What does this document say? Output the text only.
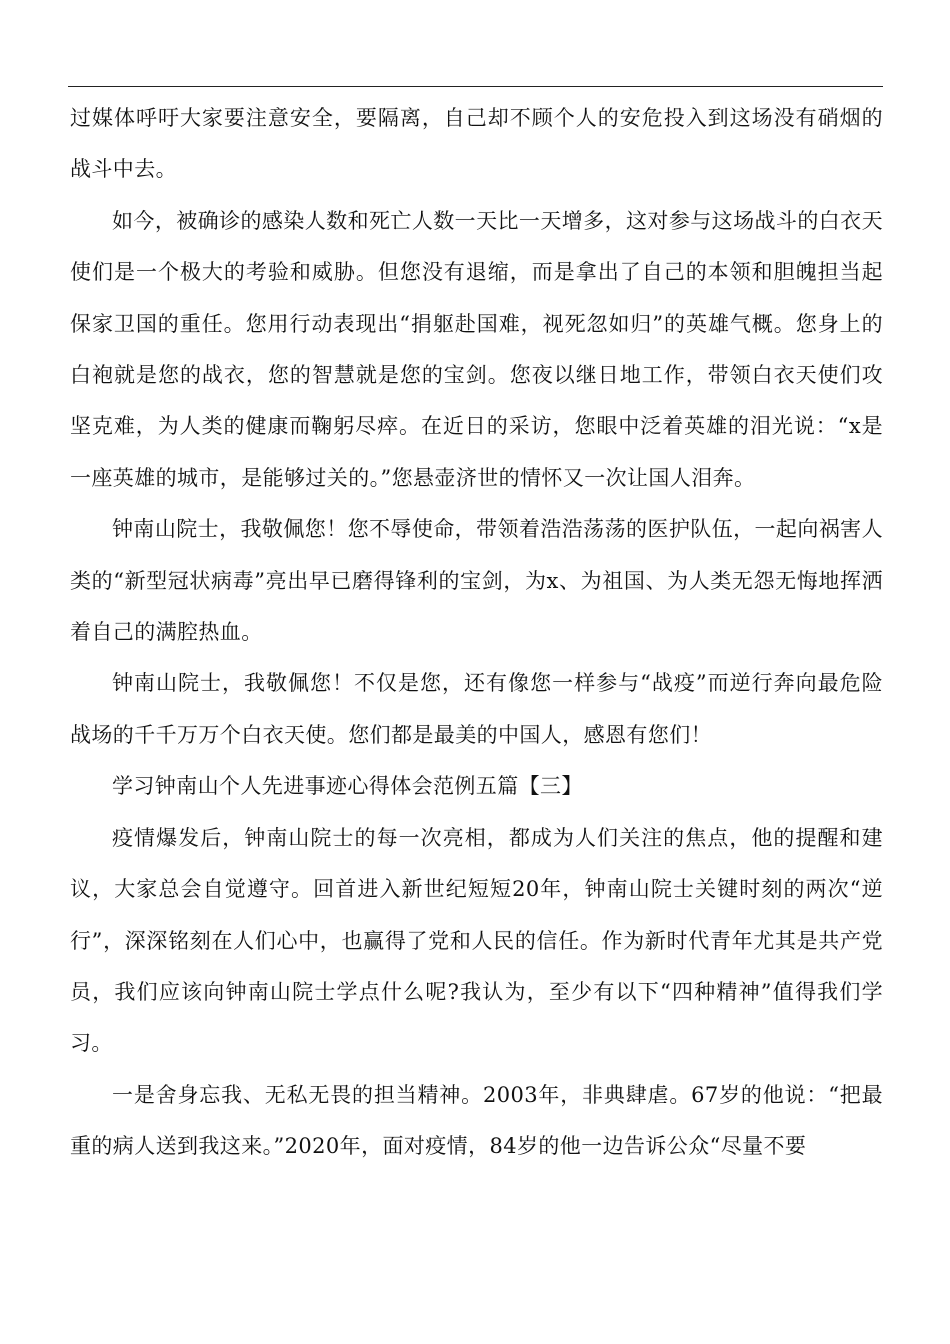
过媒体呼吁大家要注意安全，要隔离，自己却不顾个人的安危投入到这场没有硝烟的战斗中去。

如今，被确诊的感染人数和死亡人数一天比一天增多，这对参与这场战斗的白衣天使们是一个极大的考验和威胁。但您没有退缩，而是拿出了自己的本领和胆魄担当起保家卫国的重任。您用行动表现出“捐躯赴国难，视死忽如归”的英雄气概。您身上的白袍就是您的战衣，您的智慧就是您的宝剑。您夜以继日地工作，带领白衣天使们攻坚克难，为人类的健康而鞠躬尽瘁。在近日的采访，您眼中泛着英雄的泪光说：“x是一座英雄的城市，是能够过关的。”您悬壶济世的情怀又一次让国人泪奔。

钟南山院士，我敬佩您！您不辱使命，带领着浩浩荡荡的医护队伍，一起向祸害人类的“新型冠状病毒”亮出早已磨得锋利的宝剑，为x、为祖国、为人类无怨无悔地挥洒着自己的满腔热血。

钟南山院士，我敬佩您！不仅是您，还有像您一样参与“战疫”而逆行奔向最危险战场的千千万万个白衣天使。您们都是最美的中国人，感恩有您们！

学习钟南山个人先进事迹心得体会范例五篇【三】

疫情爆发后，钟南山院士的每一次亮相，都成为人们关注的焦点，他的提醒和建议，大家总会自觉遵守。回首进入新世纪短短20年，钟南山院士关键时刻的两次“逆行”，深深铭刻在人们心中，也赢得了党和人民的信任。作为新时代青年尤其是共产党员，我们应该向钟南山院士学点什么呢?我认为，至少有以下“四种精神”值得我们学习。

一是舍身忘我、无私无畏的担当精神。2003年，非典肆虐。67岁的他说：“把最重的病人送到我这来。”2020年，面对疫情，84岁的他一边告诉公众“尽量不要
